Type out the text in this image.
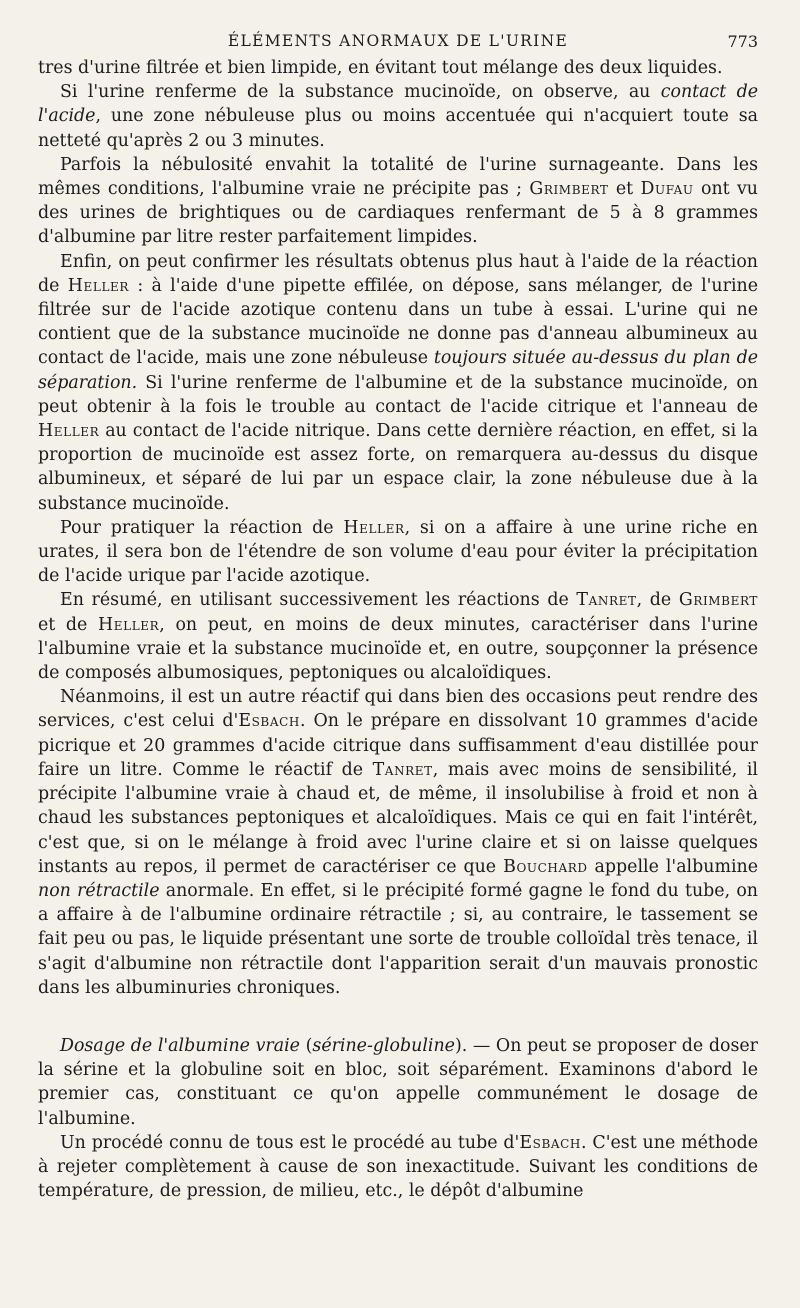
ÉLÉMENTS ANORMAUX DE L'URINE	773

tres d'urine filtrée et bien limpide, en évitant tout mélange des deux liquides.

Si l'urine renferme de la substance mucinoïde, on observe, au contact de l'acide, une zone nébuleuse plus ou moins accentuée qui n'acquiert toute sa netteté qu'après 2 ou 3 minutes.

Parfois la nébulosité envahit la totalité de l'urine surnageante. Dans les mêmes conditions, l'albumine vraie ne précipite pas ; Grimbert et Dufau ont vu des urines de brightiques ou de cardiaques renfermant de 5 à 8 grammes d'albumine par litre rester parfaitement limpides.

Enfin, on peut confirmer les résultats obtenus plus haut à l'aide de la réaction de Heller : à l'aide d'une pipette effilée, on dépose, sans mélanger, de l'urine filtrée sur de l'acide azotique contenu dans un tube à essai. L'urine qui ne contient que de la substance mucinoïde ne donne pas d'anneau albumineux au contact de l'acide, mais une zone nébuleuse toujours située au-dessus du plan de séparation. Si l'urine renferme de l'albumine et de la substance mucinoïde, on peut obtenir à la fois le trouble au contact de l'acide citrique et l'anneau de Heller au contact de l'acide nitrique. Dans cette dernière réaction, en effet, si la proportion de mucinoïde est assez forte, on remarquera au-dessus du disque albumineux, et séparé de lui par un espace clair, la zone nébuleuse due à la substance mucinoïde.

Pour pratiquer la réaction de Heller, si on a affaire à une urine riche en urates, il sera bon de l'étendre de son volume d'eau pour éviter la précipitation de l'acide urique par l'acide azotique.

En résumé, en utilisant successivement les réactions de Tanret, de Grimbert et de Heller, on peut, en moins de deux minutes, caractériser dans l'urine l'albumine vraie et la substance mucinoïde et, en outre, soupçonner la présence de composés albumosiques, peptoniques ou alcaloïdiques.

Néanmoins, il est un autre réactif qui dans bien des occasions peut rendre des services, c'est celui d'Esbach. On le prépare en dissolvant 10 grammes d'acide picrique et 20 grammes d'acide citrique dans suffisamment d'eau distillée pour faire un litre. Comme le réactif de Tanret, mais avec moins de sensibilité, il précipite l'albumine vraie à chaud et, de même, il insolubilise à froid et non à chaud les substances peptoniques et alcaloïdiques. Mais ce qui en fait l'intérêt, c'est que, si on le mélange à froid avec l'urine claire et si on laisse quelques instants au repos, il permet de caractériser ce que Bouchard appelle l'albumine non rétractile anormale. En effet, si le précipité formé gagne le fond du tube, on a affaire à de l'albumine ordinaire rétractile ; si, au contraire, le tassement se fait peu ou pas, le liquide présentant une sorte de trouble colloïdal très tenace, il s'agit d'albumine non rétractile dont l'apparition serait d'un mauvais pronostic dans les albuminuries chroniques.

Dosage de l'albumine vraie (sérine-globuline). — On peut se proposer de doser la sérine et la globuline soit en bloc, soit séparément. Examinons d'abord le premier cas, constituant ce qu'on appelle communément le dosage de l'albumine.

Un procédé connu de tous est le procédé au tube d'Esbach. C'est une méthode à rejeter complètement à cause de son inexactitude. Suivant les conditions de température, de pression, de milieu, etc., le dépôt d'albumine
